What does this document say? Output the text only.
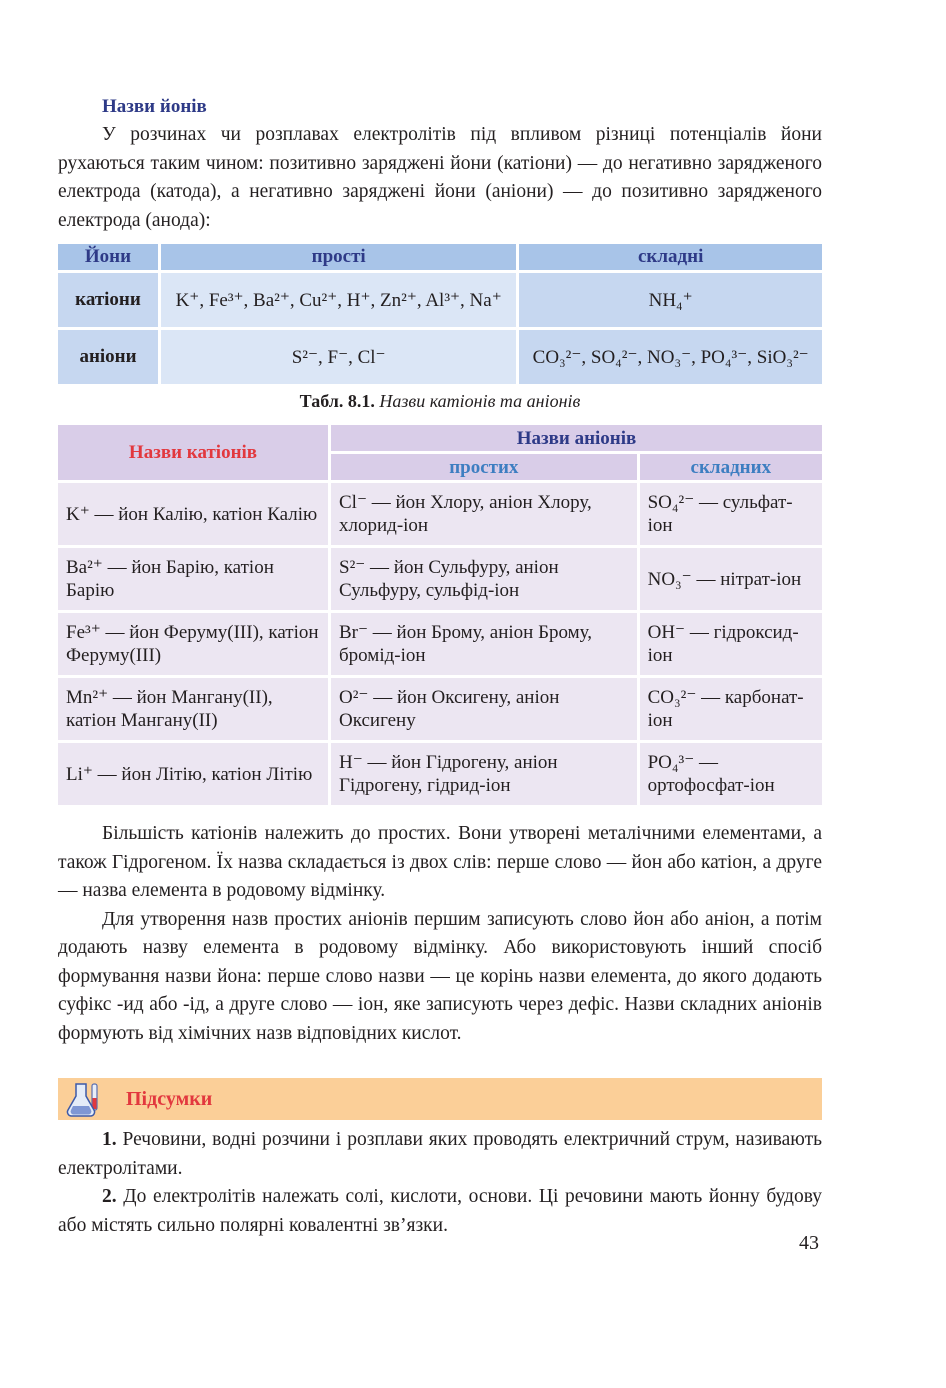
Назви йонів

У розчинах чи розплавах електролітів під впливом різниці потенціалів йони рухаються таким чином: позитивно заряджені йони (катіони) — до негативно зарядженого електрода (катода), а негативно заряджені йони (аніони) — до позитивно зарядженого електрода (анода):

Йони	прості	складні
катіони	K⁺, Fe³⁺, Ba²⁺, Cu²⁺, H⁺, Zn²⁺, Al³⁺, Na⁺	NH₄⁺
аніони	S²⁻, F⁻, Cl⁻	CO₃²⁻, SO₄²⁻, NO₃⁻, PO₄³⁻, SiO₃²⁻
Табл. 8.1. Назви катіонів та аніонів
Назви катіонів	Назви аніонів	
	простих	складних
K⁺ — йон Калію, катіон Калію	Cl⁻ — йон Хлору, аніон Хлору, хлорид-іон	SO₄²⁻ — сульфат-іон
Ba²⁺ — йон Барію, катіон Барію	S²⁻ — йон Сульфуру, аніон Сульфуру, сульфід-іон	NO₃⁻ — нітрат-іон
Fe³⁺ — йон Феруму(III), катіон Феруму(III)	Br⁻ — йон Брому, аніон Брому, бромід-іон	OH⁻ — гідроксид-іон
Mn²⁺ — йон Мангану(II), катіон Мангану(II)	O²⁻ — йон Оксигену, аніон Оксигену	CO₃²⁻ — карбонат-іон
Li⁺ — йон Літію, катіон Літію	H⁻ — йон Гідрогену, аніон Гідрогену, гідрид-іон	PO₄³⁻ — ортофосфат-іон

Більшість катіонів належить до простих. Вони утворені металічними елементами, а також Гідрогеном. Їх назва складається із двох слів: перше слово — йон або катіон, а друге — назва елемента в родовому відмінку.

Для утворення назв простих аніонів першим записують слово йон або аніон, а потім додають назву елемента в родовому відмінку. Або використовують інший спосіб формування назви йона: перше слово назви — це корінь назви елемента, до якого додають суфікс -ид або -ід, а друге слово — іон, яке записують через дефіс. Назви складних аніонів формують від хімічних назв відповідних кислот.

Підсумки

1. Речовини, водні розчини і розплави яких проводять електричний струм, називають електролітами.

2. До електролітів належать солі, кислоти, основи. Ці речовини мають йонну будову або містять сильно полярні ковалентні зв’язки.

43
